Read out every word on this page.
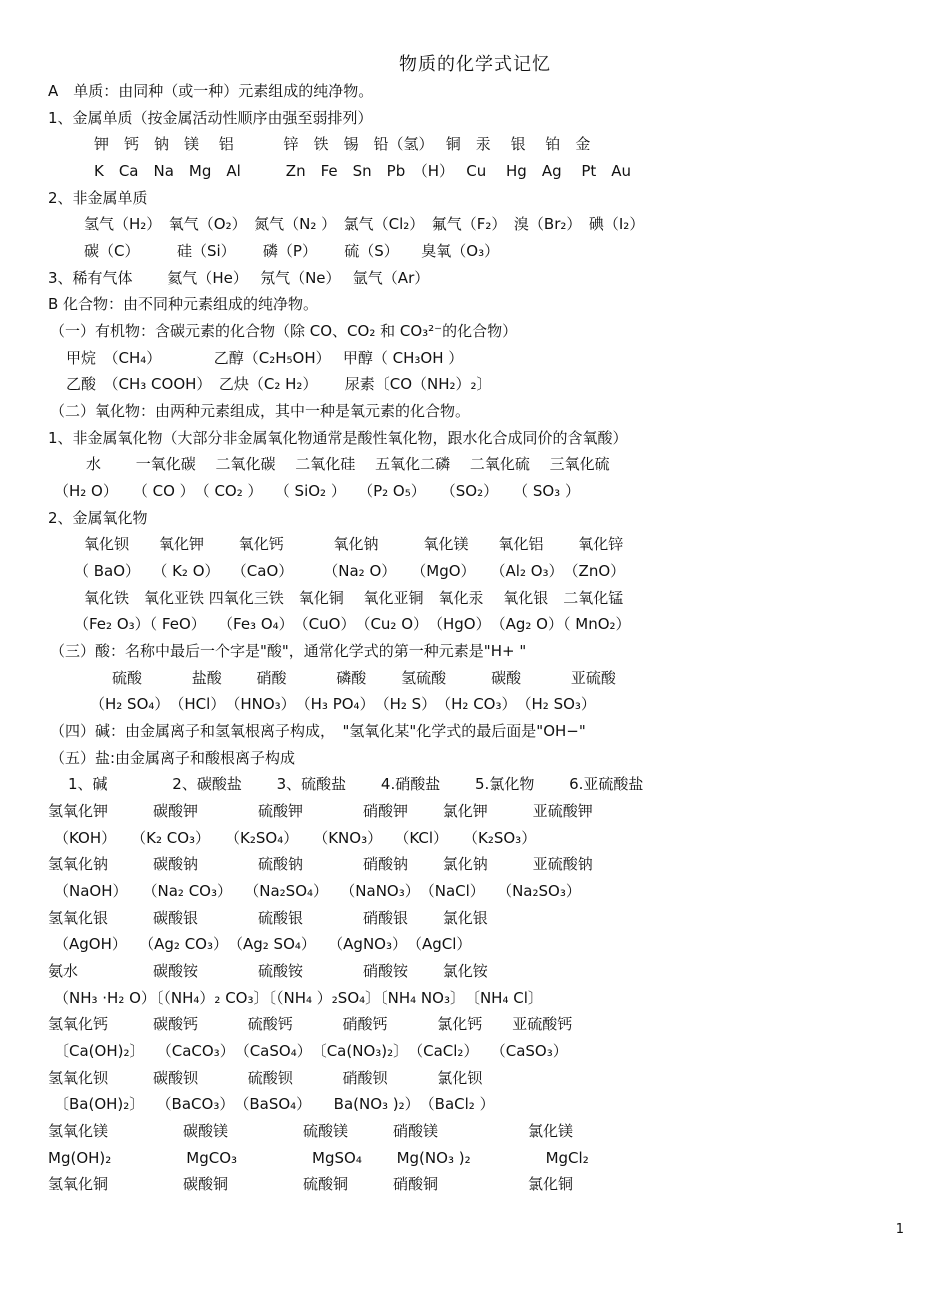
物质的化学式记忆
A　单质：由同种（或一种）元素组成的纯净物。
1、金属单质（按金属活动性顺序由强至弱排列）
钾　钙　钠　镁　 铝　　　 锌　铁　锡　铅（氢）　 铜　汞　 银　 铂　金
K　Ca　Na　Mg　Al　　　Zn　Fe　Sn　Pb　（H）　 Cu　 Hg　Ag　 Pt　Au
2、非金属单质
氢气（H₂）　氧气（O₂）　氮气（N₂ ）　氯气（Cl₂）　氟气（F₂）　溴（Br₂）　碘（I₂）
碳（C）　　　硅（Si）　　 磷（P）　　 硫（S）　　臭氧（O₃）
3、稀有气体　　 氦气（He）　 氖气（Ne）　 氩气（Ar）
B 化合物：由不同种元素组成的纯净物。
（一）有机物：含碳元素的化合物（除 CO、CO₂ 和 CO₃²⁻的化合物）
甲烷　（CH₄）　　　　乙醇（C₂H₅OH）　 甲醇（ CH₃OH ）
乙酸　（CH₃ COOH）　乙炔（C₂ H₂）　　 尿素〔CO（NH₂）₂〕
（二）氧化物：由两种元素组成，其中一种是氧元素的化合物。
1、非金属氧化物（大部分非金属氧化物通常是酸性氧化物，跟水化合成同价的含氧酸）
水　　 一氧化碳　 二氧化碳　 二氧化硅　 五氧化二磷　 二氧化硫　 三氧化硫
（H₂ O）　　（ CO ）　（ CO₂ ）　 （ SiO₂ ）　 （P₂ O₅）　　（SO₂）　　（ SO₃ ）
2、金属氧化物
氧化钡　　氧化钾　　 氧化钙　　　 氧化钠　　　氧化镁　　氧化铝　　 氧化锌
（ BaO）　 （ K₂ O）　 （CaO）　　　（Na₂ O）　　（MgO）　　（Al₂ O₃）　（ZnO）
氧化铁　氧化亚铁 四氧化三铁　氧化铜　 氧化亚铜　氧化汞　 氧化银　二氧化锰
（Fe₂ O₃）（ FeO）　 （Fe₃ O₄）　（CuO）　（Cu₂ O）　（HgO）　（Ag₂ O）（ MnO₂）
（三）酸：名称中最后一个字是"酸"，通常化学式的第一种元素是"H+ "
硫酸　　　 盐酸　　 硝酸　　　 磷酸　　 氢硫酸　　　碳酸　　　 亚硫酸
（H₂ SO₄）　（HCl）　（HNO₃）　（H₃ PO₄）　（H₂ S）　（H₂ CO₃）　（H₂ SO₃）
（四）碱：由金属离子和氢氧根离子构成，　"氢氧化某"化学式的最后面是"OH−"
（五）盐:由金属离子和酸根离子构成
1、碱　　　　 2、碳酸盐　　 3、硫酸盐　　 4.硝酸盐　　 5.氯化物　　 6.亚硫酸盐
氢氧化钾　　　碳酸钾　　　　硫酸钾　　　　硝酸钾　　 氯化钾　　　亚硫酸钾
（KOH）　　（K₂ CO₃）　　（K₂SO₄）　　（KNO₃）　 （KCl）　　（K₂SO₃）
氢氧化钠　　　碳酸钠　　　　硫酸钠　　　　硝酸钠　　 氯化钠　　　亚硫酸钠
（NaOH）　　（Na₂ CO₃）　 （Na₂SO₄）　 （NaNO₃）　（NaCl）　 （Na₂SO₃）
氢氧化银　　　碳酸银　　　　硫酸银　　　　硝酸银　　 氯化银
（AgOH）　 （Ag₂ CO₃）　（Ag₂ SO₄）　 （AgNO₃）　（AgCl）
氨水　　　　　碳酸铵　　　　硫酸铵　　　　硝酸铵　　 氯化铵
（NH₃ ·H₂ O）〔（NH₄）₂ CO₃〕〔（NH₄ ）₂SO₄〕〔NH₄ NO₃〕　〔NH₄ Cl〕
氢氧化钙　　　碳酸钙　　　 硫酸钙　　　 硝酸钙　　　 氯化钙　　亚硫酸钙
〔Ca(OH)₂〕　 （CaCO₃）　（CaSO₄）　〔Ca(NO₃)₂〕　（CaCl₂）　 （CaSO₃）
氢氧化钡　　　碳酸钡　　　 硫酸钡　　　 硝酸钡　　　 氯化钡
〔Ba(OH)₂〕　 （BaCO₃）　（BaSO₄）　　Ba(NO₃ )₂）　（BaCl₂ ）
氢氧化镁　　　　　碳酸镁　　　　　硫酸镁　　　硝酸镁　　　　　　氯化镁
Mg(OH)₂　　　　　MgCO₃　　　　　MgSO₄　　 Mg(NO₃ )₂　　　　　MgCl₂
氢氧化铜　　　　　碳酸铜　　　　　硫酸铜　　　硝酸铜　　　　　　氯化铜
1
